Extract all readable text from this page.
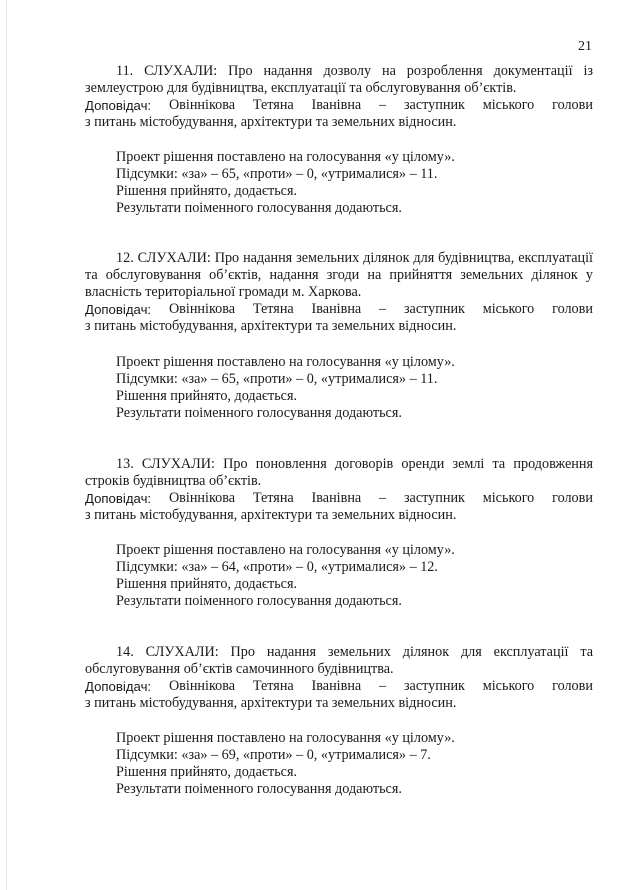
21
11. СЛУХАЛИ: Про надання дозволу на розроблення документації із землеустрою для будівництва, експлуатації та обслуговування об’єктів.
Доповідач: Овіннікова Тетяна Іванівна – заступник міського голови
з питань містобудування, архітектури та земельних відносин.
Проект рішення поставлено на голосування «у цілому».
Підсумки: «за» – 65, «проти» – 0, «утрималися» – 11.
Рішення прийнято, додається.
Результати поіменного голосування додаються.
12. СЛУХАЛИ: Про надання земельних ділянок для будівництва, експлуатації та обслуговування об’єктів, надання згоди на прийняття земельних ділянок у власність територіальної громади м. Харкова.
Доповідач: Овіннікова Тетяна Іванівна – заступник міського голови
з питань містобудування, архітектури та земельних відносин.
Проект рішення поставлено на голосування «у цілому».
Підсумки: «за» – 65, «проти» – 0, «утрималися» – 11.
Рішення прийнято, додається.
Результати поіменного голосування додаються.
13. СЛУХАЛИ: Про поновлення договорів оренди землі та продовження строків будівництва об’єктів.
Доповідач: Овіннікова Тетяна Іванівна – заступник міського голови
з питань містобудування, архітектури та земельних відносин.
Проект рішення поставлено на голосування «у цілому».
Підсумки: «за» – 64, «проти» – 0, «утрималися» – 12.
Рішення прийнято, додається.
Результати поіменного голосування додаються.
14. СЛУХАЛИ: Про надання земельних ділянок для експлуатації та обслуговування об’єктів самочинного будівництва.
Доповідач: Овіннікова Тетяна Іванівна – заступник міського голови
з питань містобудування, архітектури та земельних відносин.
Проект рішення поставлено на голосування «у цілому».
Підсумки: «за» – 69, «проти» – 0, «утрималися» – 7.
Рішення прийнято, додається.
Результати поіменного голосування додаються.
